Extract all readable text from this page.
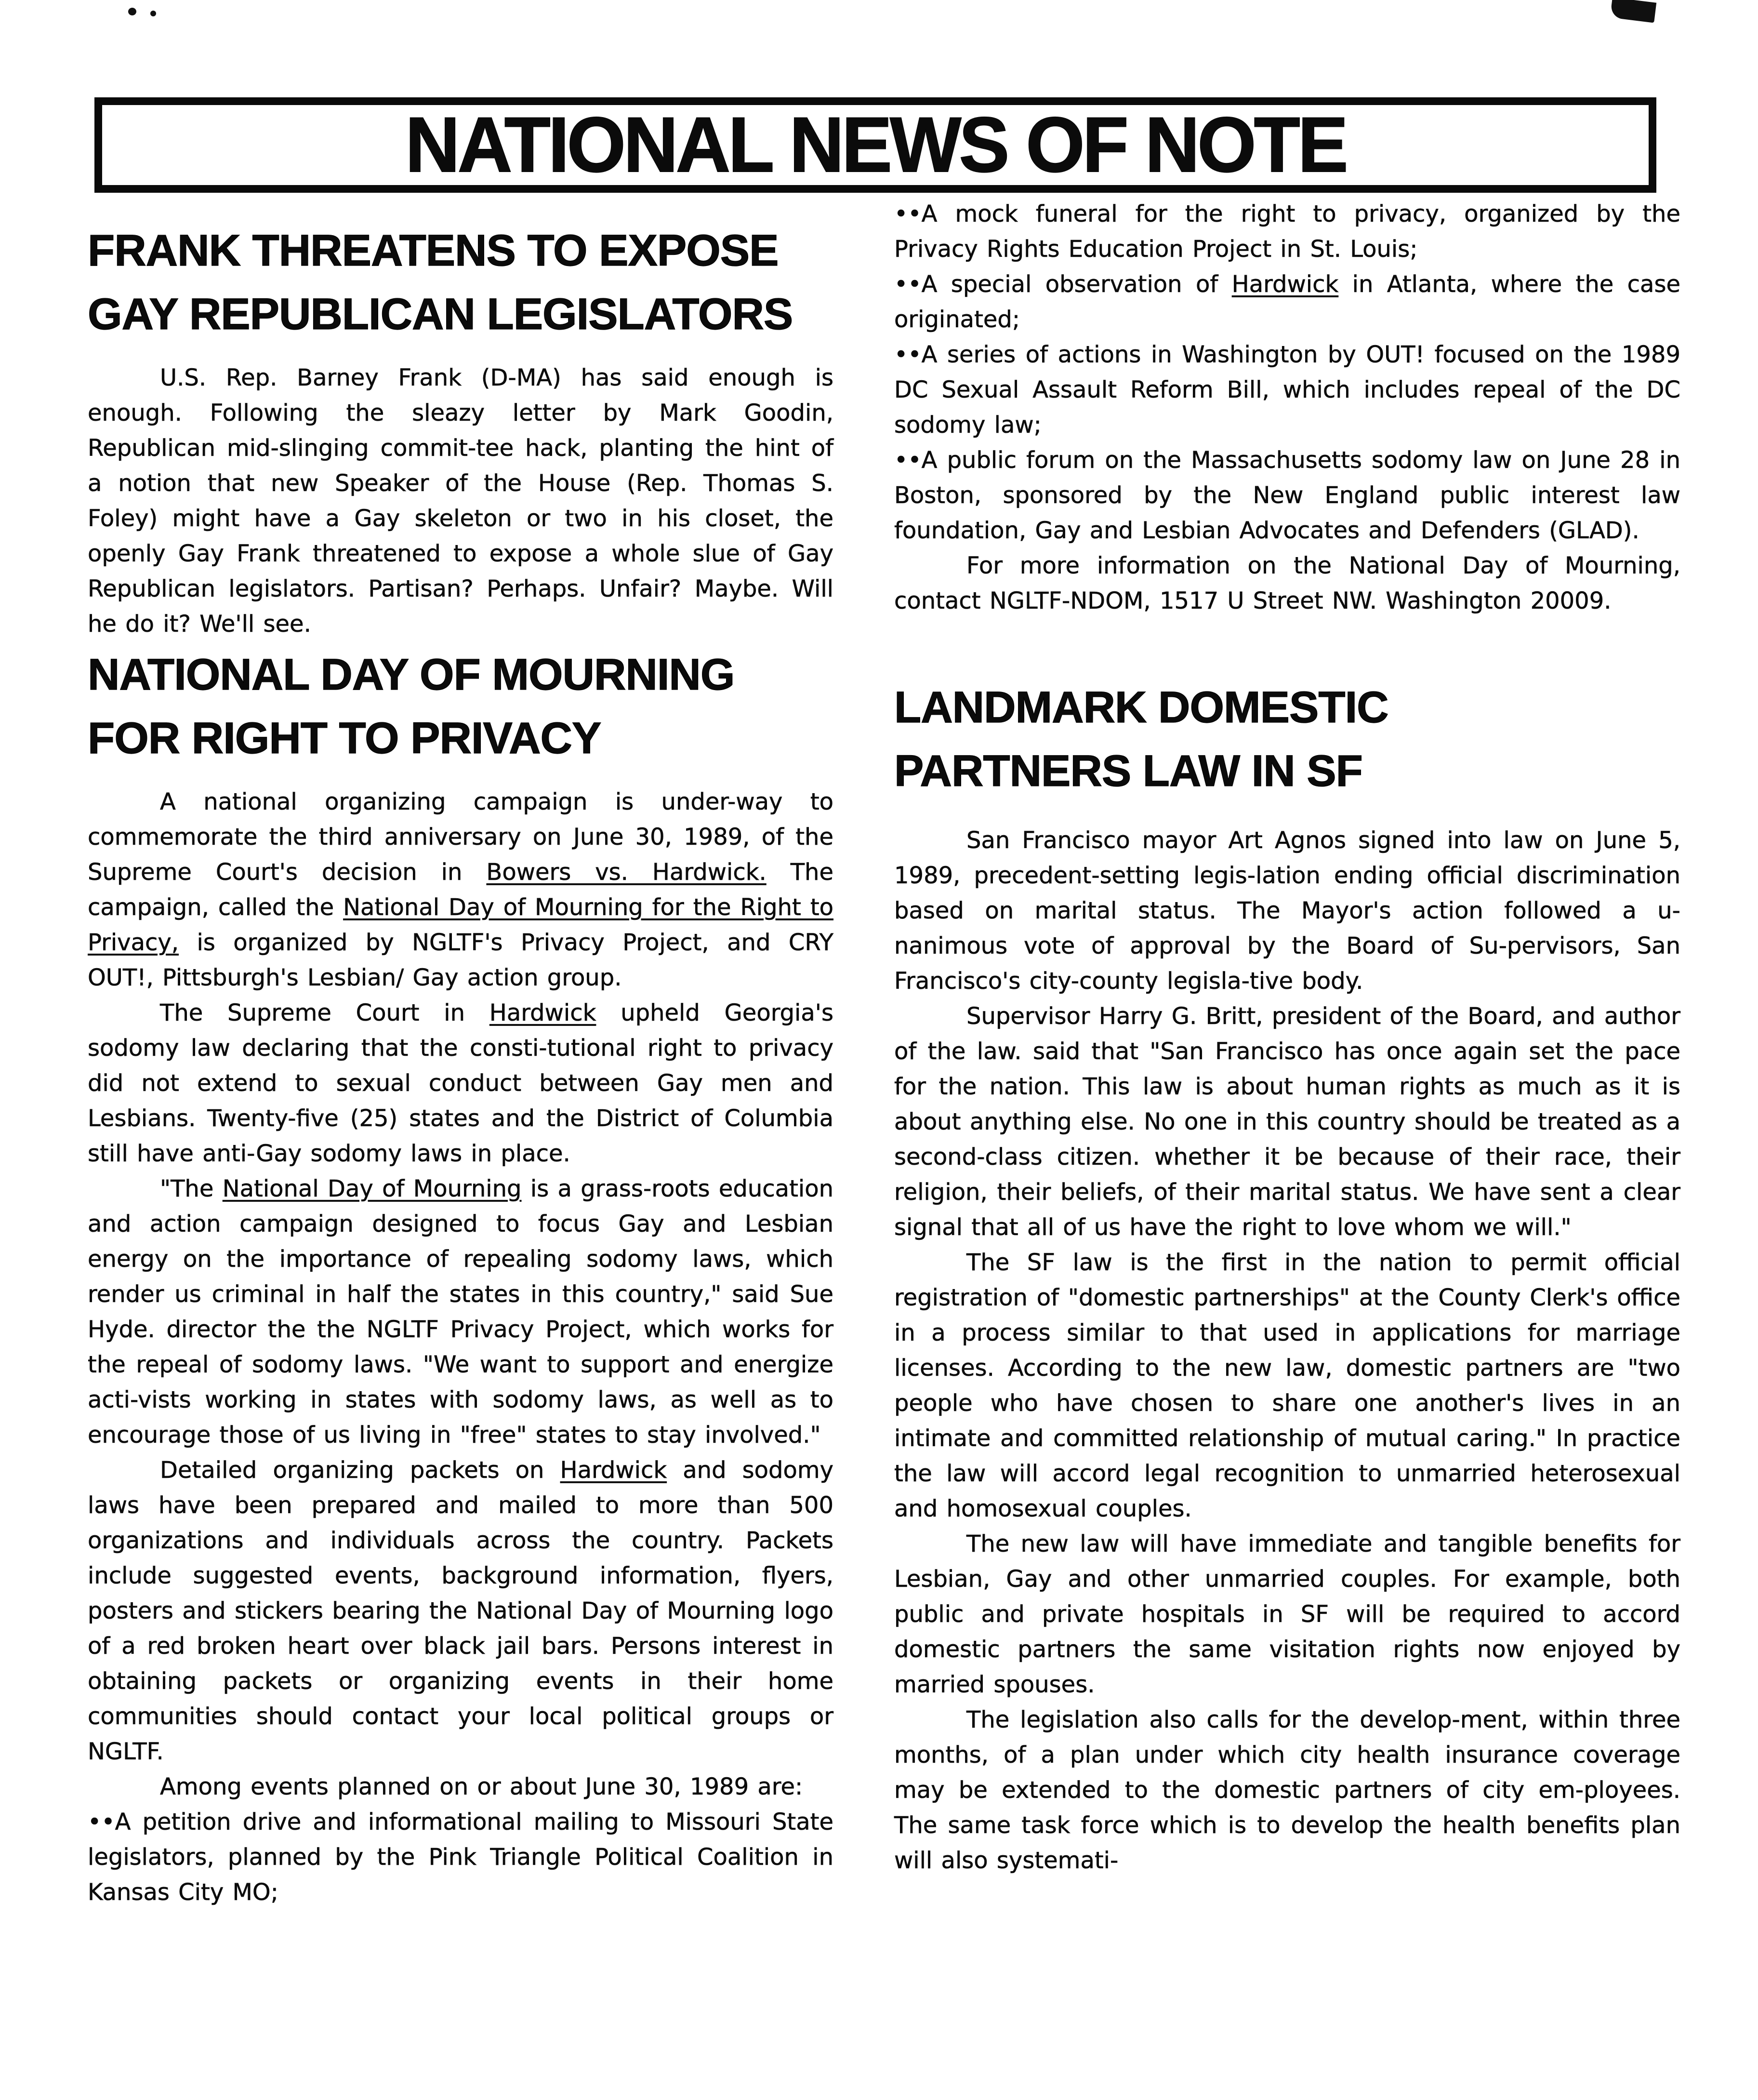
NATIONAL NEWS OF NOTE
FRANK THREATENS TO EXPOSE
GAY REPUBLICAN LEGISLATORS

U.S. Rep. Barney Frank (D-MA) has said enough is enough. Following the sleazy letter by Mark Goodin, Republican mid-slinging commit-tee hack, planting the hint of a notion that new Speaker of the House (Rep. Thomas S. Foley) might have a Gay skeleton or two in his closet, the openly Gay Frank threatened to expose a whole slue of Gay Republican legislators. Partisan? Perhaps. Unfair? Maybe. Will he do it? We'll see.

NATIONAL DAY OF MOURNING
FOR RIGHT TO PRIVACY

A national organizing campaign is under-way to commemorate the third anniversary on June 30, 1989, of the Supreme Court's decision in Bowers vs. Hardwick. The campaign, called the National Day of Mourning for the Right to Privacy, is organized by NGLTF's Privacy Project, and CRY OUT!, Pittsburgh's Lesbian/ Gay action group.

The Supreme Court in Hardwick upheld Georgia's sodomy law declaring that the consti-tutional right to privacy did not extend to sexual conduct between Gay men and Lesbians. Twenty-five (25) states and the District of Columbia still have anti-Gay sodomy laws in place.

"The National Day of Mourning is a grass-roots education and action campaign designed to focus Gay and Lesbian energy on the importance of repealing sodomy laws, which render us criminal in half the states in this country," said Sue Hyde. director the the NGLTF Privacy Project, which works for the repeal of sodomy laws. "We want to support and energize acti-vists working in states with sodomy laws, as well as to encourage those of us living in "free" states to stay involved."

Detailed organizing packets on Hardwick and sodomy laws have been prepared and mailed to more than 500 organizations and individuals across the country. Packets include suggested events, background information, flyers, posters and stickers bearing the National Day of Mourning logo of a red broken heart over black jail bars. Persons interest in obtaining packets or organizing events in their home communities should contact your local political groups or NGLTF.

Among events planned on or about June 30, 1989 are:

••A petition drive and informational mailing to Missouri State legislators, planned by the Pink Triangle Political Coalition in Kansas City MO;

••A mock funeral for the right to privacy, organized by the Privacy Rights Education Project in St. Louis;

••A special observation of Hardwick in Atlanta, where the case originated;

••A series of actions in Washington by OUT! focused on the 1989 DC Sexual Assault Reform Bill, which includes repeal of the DC sodomy law;

••A public forum on the Massachusetts sodomy law on June 28 in Boston, sponsored by the New England public interest law foundation, Gay and Lesbian Advocates and Defenders (GLAD).

For more information on the National Day of Mourning, contact NGLTF-NDOM, 1517 U Street NW. Washington 20009.

LANDMARK DOMESTIC
PARTNERS LAW IN SF

San Francisco mayor Art Agnos signed into law on June 5, 1989, precedent-setting legis-lation ending official discrimination based on marital status. The Mayor's action followed a u-nanimous vote of approval by the Board of Su-pervisors, San Francisco's city-county legisla-tive body.

Supervisor Harry G. Britt, president of the Board, and author of the law. said that "San Francisco has once again set the pace for the nation. This law is about human rights as much as it is about anything else. No one in this country should be treated as a second-class citizen. whether it be because of their race, their religion, their beliefs, of their marital status. We have sent a clear signal that all of us have the right to love whom we will."

The SF law is the first in the nation to permit official registration of "domestic partnerships" at the County Clerk's office in a process similar to that used in applications for marriage licenses. According to the new law, domestic partners are "two people who have chosen to share one another's lives in an intimate and committed relationship of mutual caring." In practice the law will accord legal recognition to unmarried heterosexual and homosexual couples.

The new law will have immediate and tangible benefits for Lesbian, Gay and other unmarried couples. For example, both public and private hospitals in SF will be required to accord domestic partners the same visitation rights now enjoyed by married spouses.

The legislation also calls for the develop-ment, within three months, of a plan under which city health insurance coverage may be extended to the domestic partners of city em-ployees. The same task force which is to develop the health benefits plan will also systemati-
